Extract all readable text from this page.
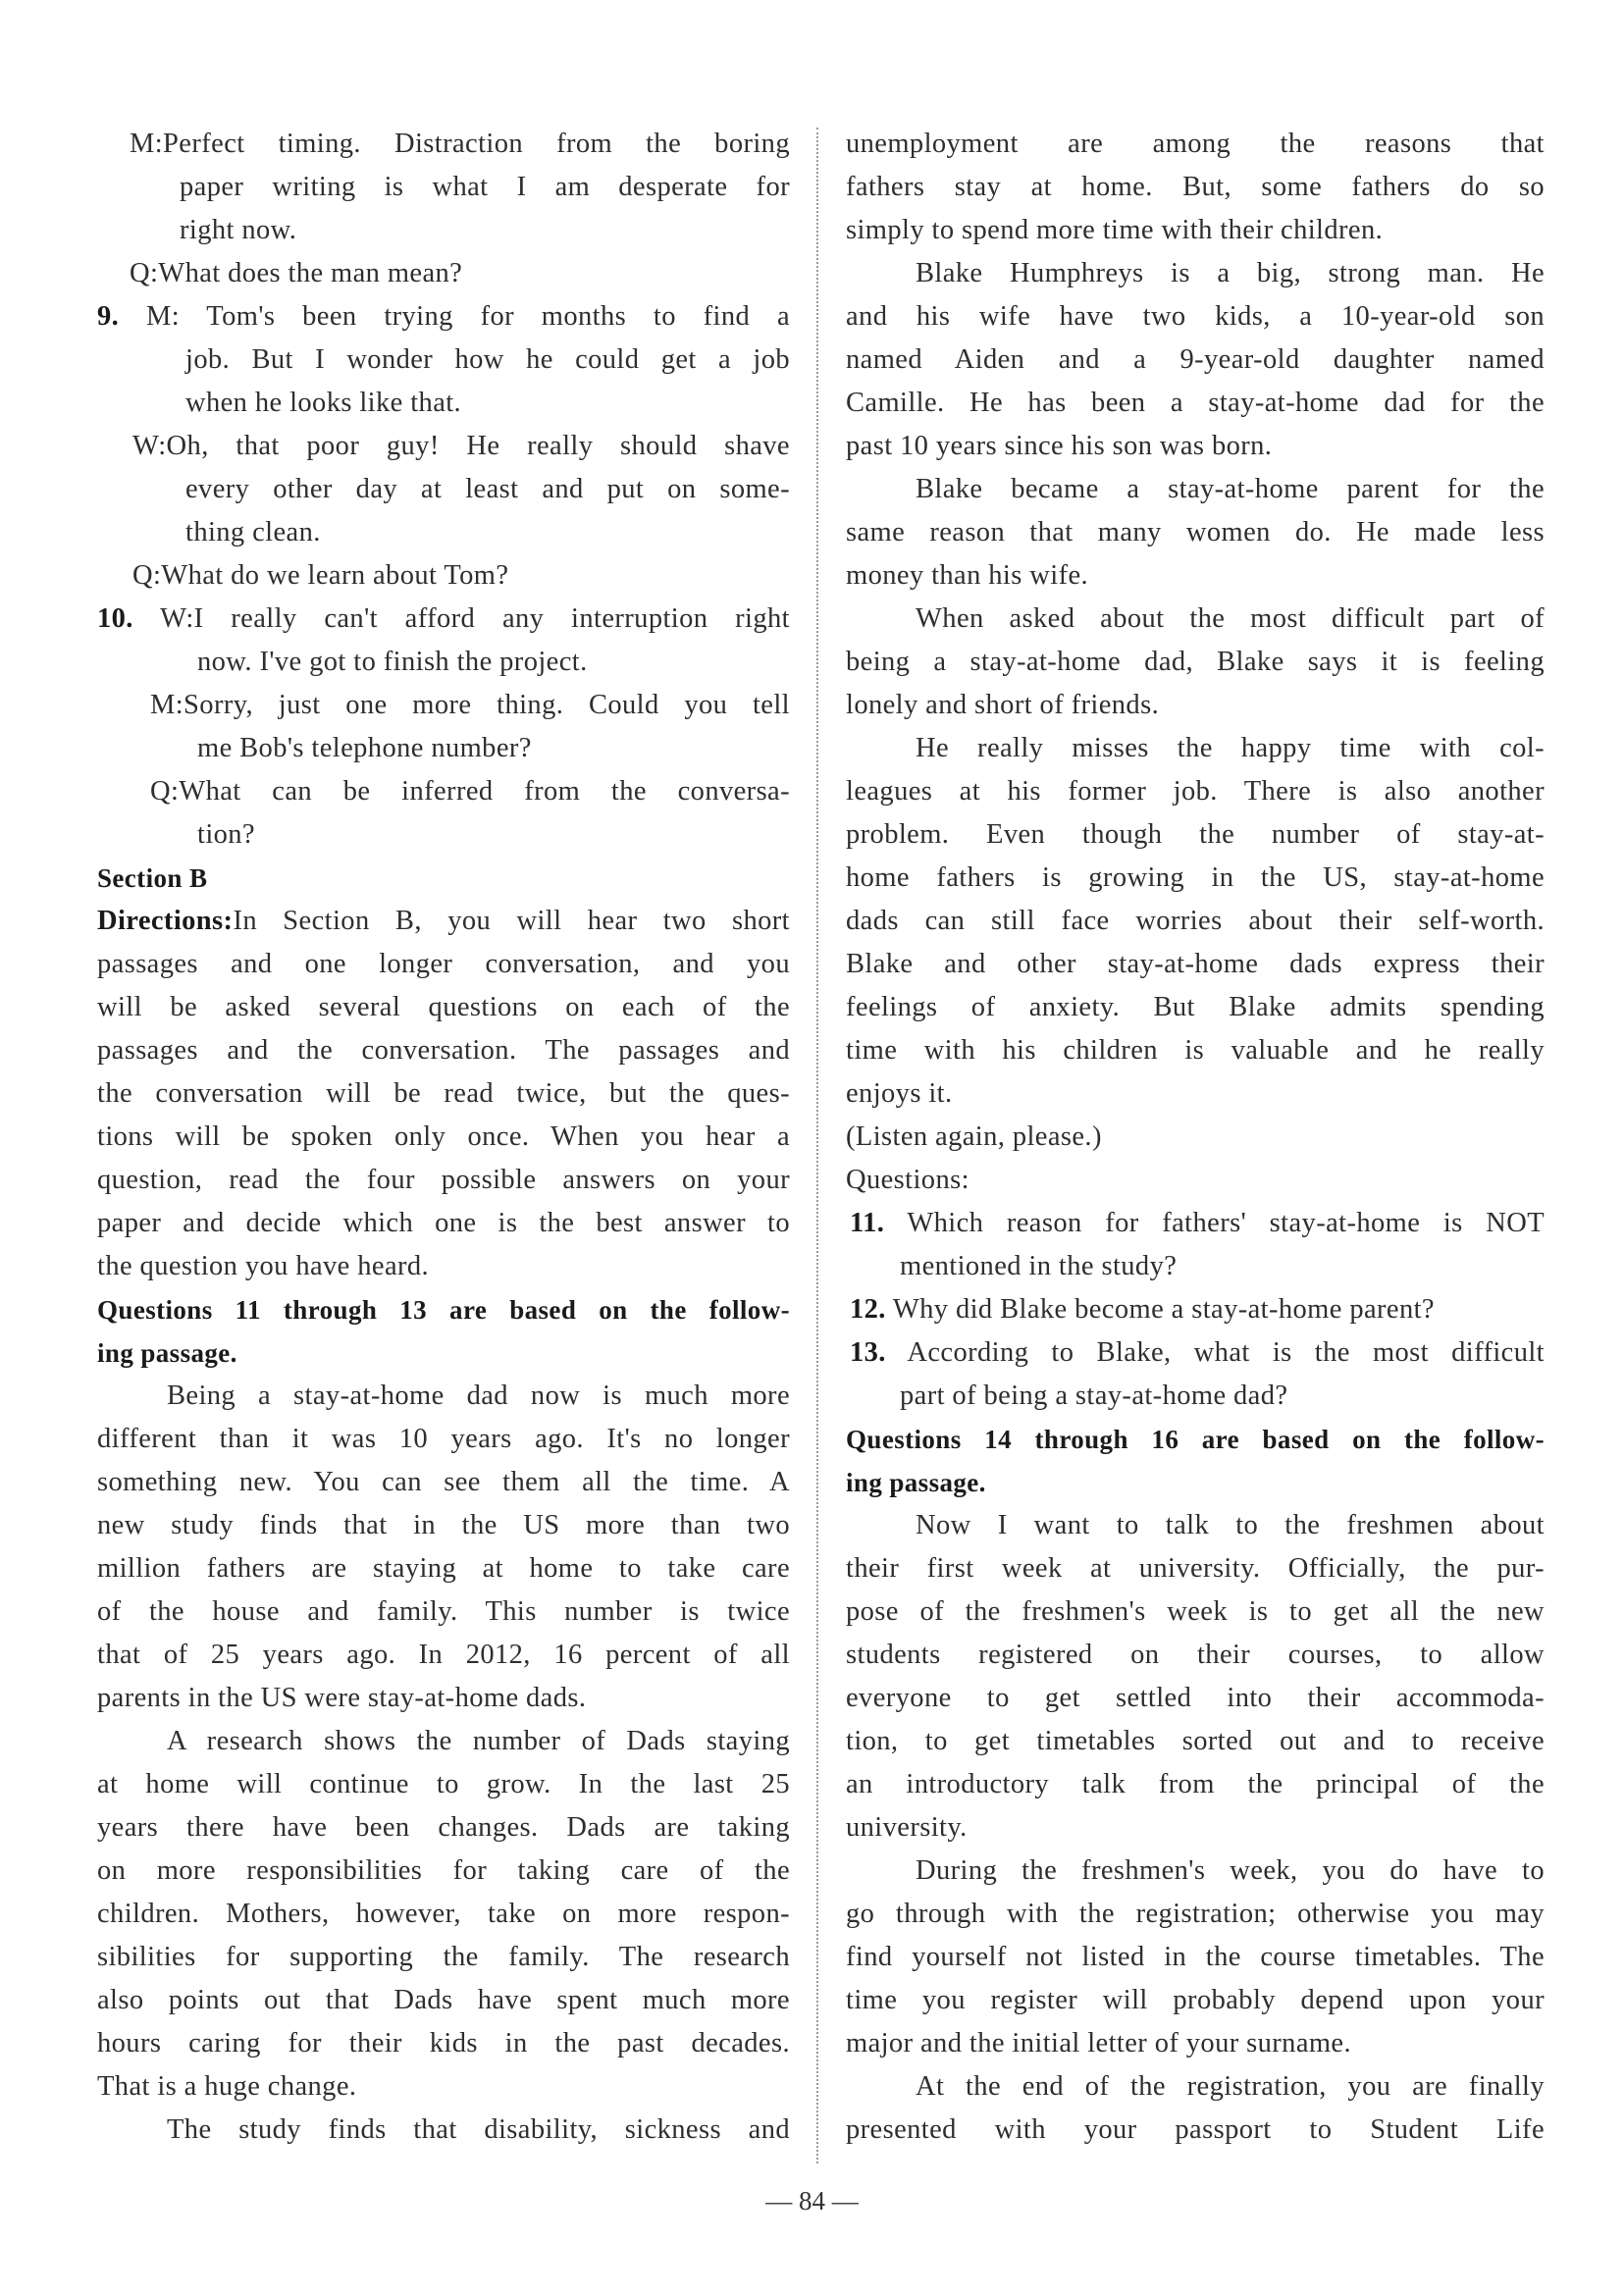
M:Perfect timing. Distraction from the boring
paper writing is what I am desperate for
right now.
Q:What does the man mean?
9. M: Tom's been trying for months to find a
job. But I wonder how he could get a job
when he looks like that.
W:Oh, that poor guy! He really should shave
every other day at least and put on some-
thing clean.
Q:What do we learn about Tom?
10. W:I really can't afford any interruption right
now. I've got to finish the project.
M:Sorry, just one more thing. Could you tell
me Bob's telephone number?
Q:What can be inferred from the conversa-
tion?
Section B
Directions:In Section B, you will hear two short
passages and one longer conversation, and you
will be asked several questions on each of the
passages and the conversation. The passages and
the conversation will be read twice, but the ques-
tions will be spoken only once. When you hear a
question, read the four possible answers on your
paper and decide which one is the best answer to
the question you have heard.
Questions 11 through 13 are based on the follow-
ing passage.
Being a stay-at-home dad now is much more
different than it was 10 years ago. It's no longer
something new. You can see them all the time. A
new study finds that in the US more than two
million fathers are staying at home to take care
of the house and family. This number is twice
that of 25 years ago. In 2012, 16 percent of all
parents in the US were stay-at-home dads.
A research shows the number of Dads staying
at home will continue to grow. In the last 25
years there have been changes. Dads are taking
on more responsibilities for taking care of the
children. Mothers, however, take on more respon-
sibilities for supporting the family. The research
also points out that Dads have spent much more
hours caring for their kids in the past decades.
That is a huge change.
The study finds that disability, sickness and
unemployment are among the reasons that
fathers stay at home. But, some fathers do so
simply to spend more time with their children.
Blake Humphreys is a big, strong man. He
and his wife have two kids, a 10-year-old son
named Aiden and a 9-year-old daughter named
Camille. He has been a stay-at-home dad for the
past 10 years since his son was born.
Blake became a stay-at-home parent for the
same reason that many women do. He made less
money than his wife.
When asked about the most difficult part of
being a stay-at-home dad, Blake says it is feeling
lonely and short of friends.
He really misses the happy time with col-
leagues at his former job. There is also another
problem. Even though the number of stay-at-
home fathers is growing in the US, stay-at-home
dads can still face worries about their self-worth.
Blake and other stay-at-home dads express their
feelings of anxiety. But Blake admits spending
time with his children is valuable and he really
enjoys it.
(Listen again, please.)
Questions:
11. Which reason for fathers' stay-at-home is NOT
mentioned in the study?
12. Why did Blake become a stay-at-home parent?
13. According to Blake, what is the most difficult
part of being a stay-at-home dad?
Questions 14 through 16 are based on the follow-
ing passage.
Now I want to talk to the freshmen about
their first week at university. Officially, the pur-
pose of the freshmen's week is to get all the new
students registered on their courses, to allow
everyone to get settled into their accommoda-
tion, to get timetables sorted out and to receive
an introductory talk from the principal of the
university.
During the freshmen's week, you do have to
go through with the registration; otherwise you may
find yourself not listed in the course timetables. The
time you register will probably depend upon your
major and the initial letter of your surname.
At the end of the registration, you are finally
presented with your passport to Student Life
— 84 —
